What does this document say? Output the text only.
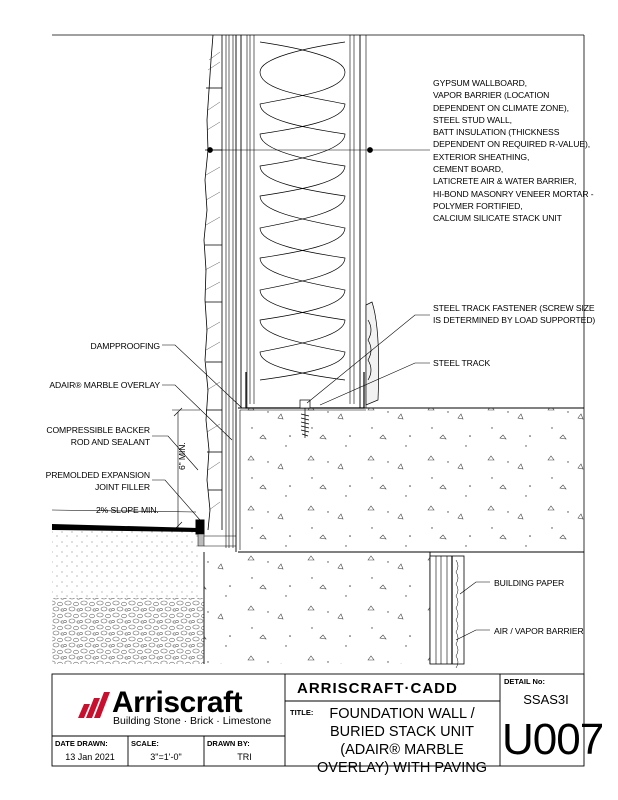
GYPSUM WALLBOARD,
VAPOR BARRIER (LOCATION
DEPENDENT ON CLIMATE ZONE),
STEEL STUD WALL,
BATT INSULATION (THICKNESS
DEPENDENT ON REQUIRED R-VALUE),
EXTERIOR SHEATHING,
CEMENT BOARD,
LATICRETE AIR & WATER BARRIER,
HI-BOND MASONRY VENEER MORTAR -
POLYMER FORTIFIED,
CALCIUM SILICATE STACK UNIT
STEEL TRACK FASTENER (SCREW SIZE
IS DETERMINED BY LOAD SUPPORTED)
STEEL TRACK
DAMPPROOFING
ADAIR® MARBLE OVERLAY
COMPRESSIBLE BACKER
ROD AND SEALANT
PREMOLDED EXPANSION
JOINT FILLER
2% SLOPE MIN.
6" MIN.
BUILDING PAPER
AIR / VAPOR BARRIER
Arriscraft
Building Stone · Brick · Limestone
ARRISCRAFT·CADD
TITLE:	FOUNDATION WALL / BURIED STACK UNIT (ADAIR® MARBLE OVERLAY) WITH PAVING
DETAIL No:
SSAS3I
U007
DATE DRAWN:
13 Jan 2021
SCALE:
3"=1'-0"
DRAWN BY:
TRI
